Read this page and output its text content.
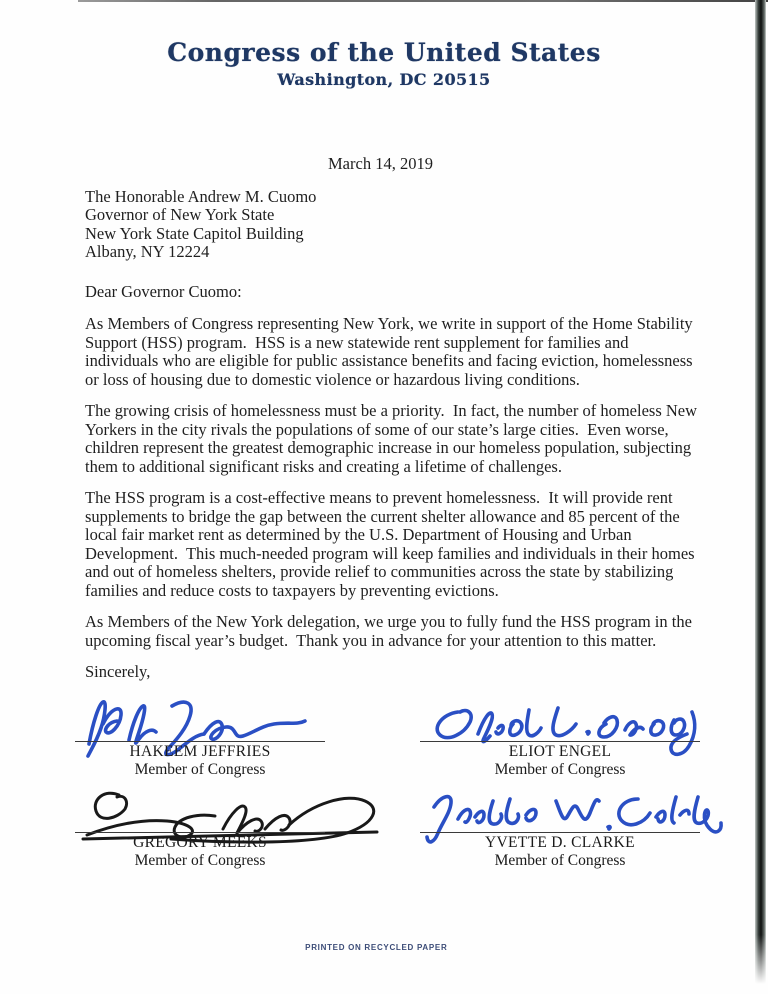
Congress of the United States
Washington, DC 20515
March 14, 2019
The Honorable Andrew M. Cuomo
Governor of New York State
New York State Capitol Building
Albany, NY 12224
Dear Governor Cuomo:

As Members of Congress representing New York, we write in support of the Home Stability Support (HSS) program.  HSS is a new statewide rent supplement for families and individuals who are eligible for public assistance benefits and facing eviction, homelessness or loss of housing due to domestic violence or hazardous living conditions.

The growing crisis of homelessness must be a priority.  In fact, the number of homeless New Yorkers in the city rivals the populations of some of our state’s large cities.  Even worse, children represent the greatest demographic increase in our homeless population, subjecting them to additional significant risks and creating a lifetime of challenges.

The HSS program is a cost-effective means to prevent homelessness.  It will provide rent supplements to bridge the gap between the current shelter allowance and 85 percent of the local fair market rent as determined by the U.S. Department of Housing and Urban Development.  This much-needed program will keep families and individuals in their homes and out of homeless shelters, provide relief to communities across the state by stabilizing families and reduce costs to taxpayers by preventing evictions.

As Members of the New York delegation, we urge you to fully fund the HSS program in the upcoming fiscal year’s budget.  Thank you in advance for your attention to this matter.

Sincerely,
HAKEEM JEFFRIES
Member of Congress
ELIOT ENGEL
Member of Congress
GREGORY MEEKS
Member of Congress
YVETTE D. CLARKE
Member of Congress
PRINTED ON RECYCLED PAPER
